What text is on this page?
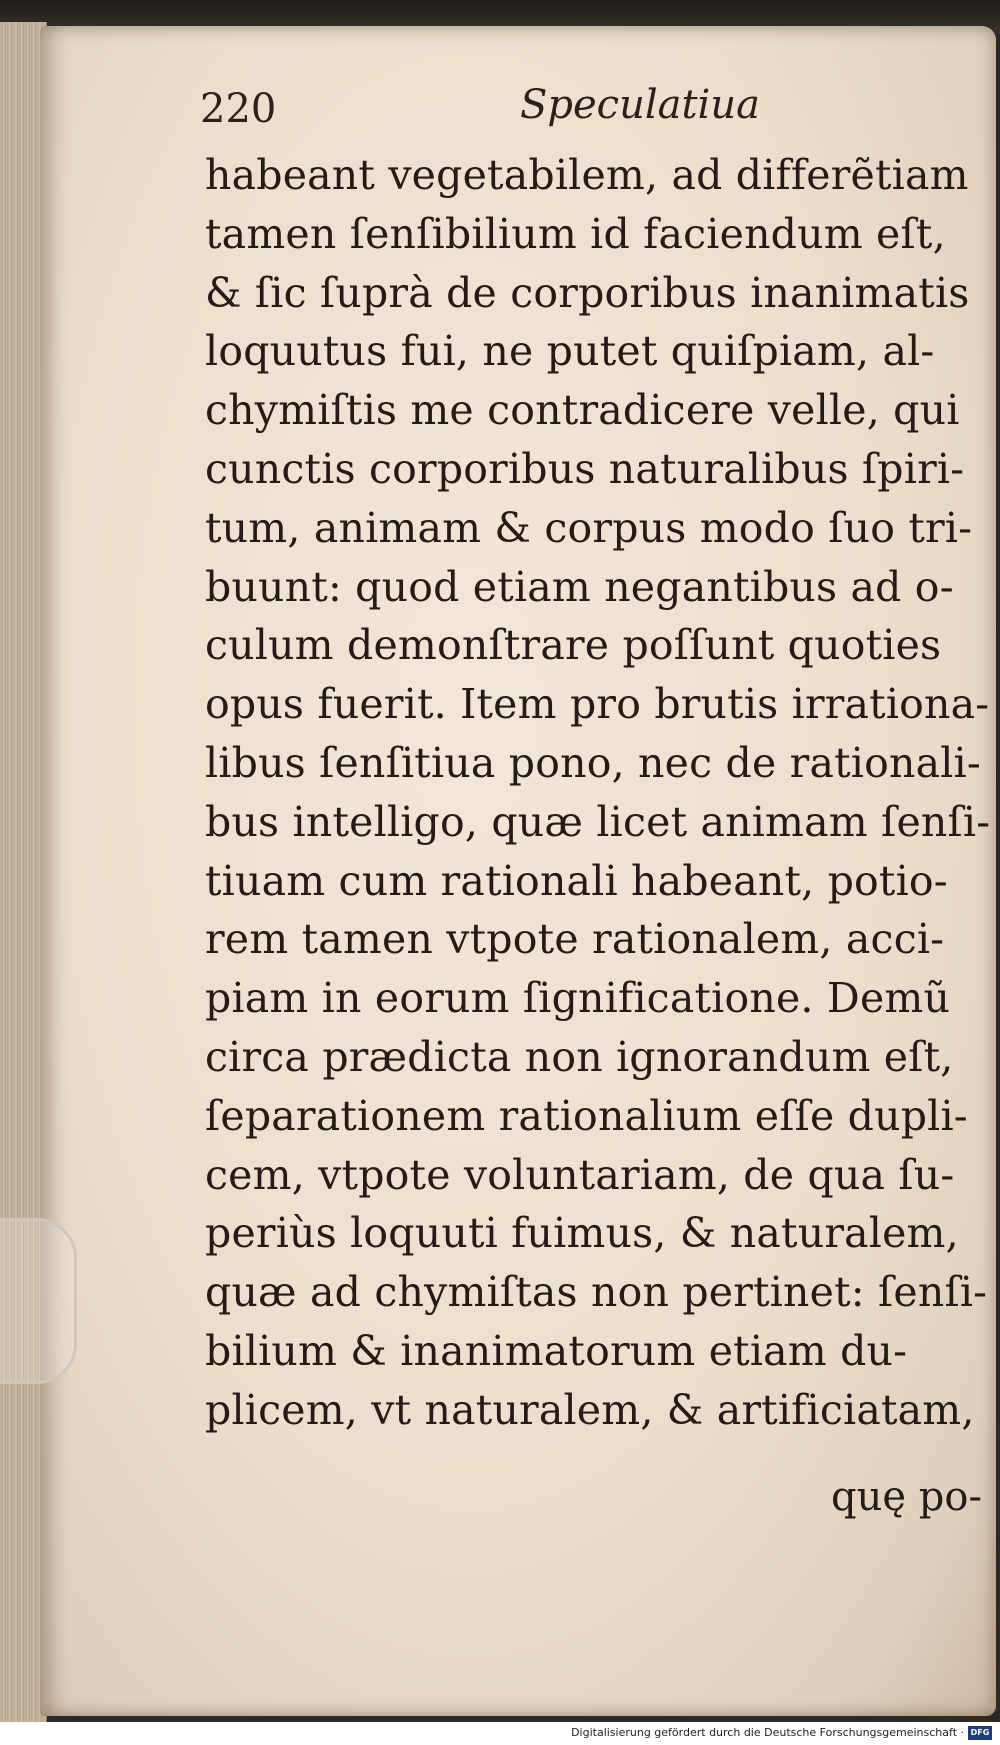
220	Speculatiua
habeant vegetabilem, ad differẽtiam
tamen ſenſibilium id faciendum eſt,
& ſic ſuprà de corporibus inanimatis
loquutus fui, ne putet quiſpiam, al-
chymiſtis me contradicere velle, qui
cunctis corporibus naturalibus ſpiri-
tum, animam & corpus modo ſuo tri-
buunt: quod etiam negantibus ad o-
culum demonſtrare poſſunt quoties
opus fuerit. Item pro brutis irrationa-
libus ſenſitiua pono, nec de rationali-
bus intelligo, quæ licet animam ſenſi-
tiuam cum rationali habeant, potio-
rem tamen vtpote rationalem, acci-
piam in eorum ſignificatione. Demũ
circa prædicta non ignorandum eſt,
ſeparationem rationalium eſſe dupli-
cem, vtpote voluntariam, de qua ſu-
periùs loquuti fuimus, & naturalem,
quæ ad chymiſtas non pertinet: ſenſi-
bilium & inanimatorum etiam du-
plicem, vt naturalem, & artificiatam,
quę po-
Digitalisierung gefördert durch die Deutsche Forschungsgemeinschaft · DFG
